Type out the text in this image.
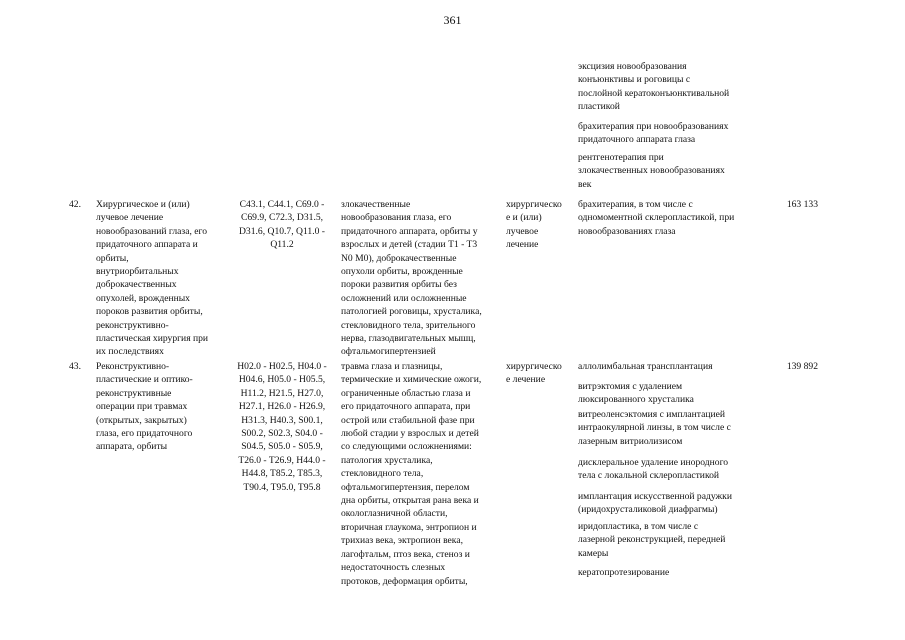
361
эксцизия новообразования
конъюнктивы и роговицы с
послойной кератоконъюнктивальной
пластикой
брахитерапия при новообразованиях
придаточного аппарата глаза
рентгенотерапия при
злокачественных новообразованиях
век
42. Хирургическое и (или)
лучевое лечение
новообразований глаза, его
придаточного аппарата и
орбиты,
внутриорбитальных
доброкачественных
опухолей, врожденных
пороков развития орбиты,
реконструктивно-
пластическая хирургия при
их последствиях
C43.1, C44.1, C69.0 -
C69.9, C72.3, D31.5,
D31.6, Q10.7, Q11.0 -
Q11.2
злокачественные
новообразования глаза, его
придаточного аппарата, орбиты у
взрослых и детей (стадии T1 - T3
N0 M0), доброкачественные
опухоли орбиты, врожденные
пороки развития орбиты без
осложнений или осложненные
патологией роговицы, хрусталика,
стекловидного тела, зрительного
нерва, глазодвигательных мышц,
офтальмогипертензией
хирургическо
е и (или)
лучевое
лечение
брахитерапия, в том числе с
одномоментной склеропластикой, при
новообразованиях глаза
163 133
43. Реконструктивно-
пластические и оптико-
реконструктивные
операции при травмах
(открытых, закрытых)
глаза, его придаточного
аппарата, орбиты
H02.0 - H02.5, H04.0 -
H04.6, H05.0 - H05.5,
H11.2, H21.5, H27.0,
H27.1, H26.0 - H26.9,
H31.3, H40.3, S00.1,
S00.2, S02.3, S04.0 -
S04.5, S05.0 - S05.9,
T26.0 - T26.9, H44.0 -
H44.8, T85.2, T85.3,
T90.4, T95.0, T95.8
травма глаза и глазницы,
термические и химические ожоги,
ограниченные областью глаза и
его придаточного аппарата, при
острой или стабильной фазе при
любой стадии у взрослых и детей
со следующими осложнениями:
патология хрусталика,
стекловидного тела,
офтальмогипертензия, перелом
дна орбиты, открытая рана века и
окологлазничной области,
вторичная глаукома, энтропион и
трихиаз века, эктропион века,
лагофтальм, птоз века, стеноз и
недостаточность слезных
протоков, деформация орбиты,
хирургическо
е лечение
аллолимбальная трансплантация
витрэктомия с удалением
люксированного хрусталика
витреоленсэктомия с имплантацией
интраокулярной линзы, в том числе с
лазерным витриолизисом
дисклеральное удаление инородного
тела с локальной склеропластикой
имплантация искусственной радужки
(иридохрусталиковой диафрагмы)
иридопластика, в том числе с
лазерной реконструкцией, передней
камеры
кератопротезирование
139 892
